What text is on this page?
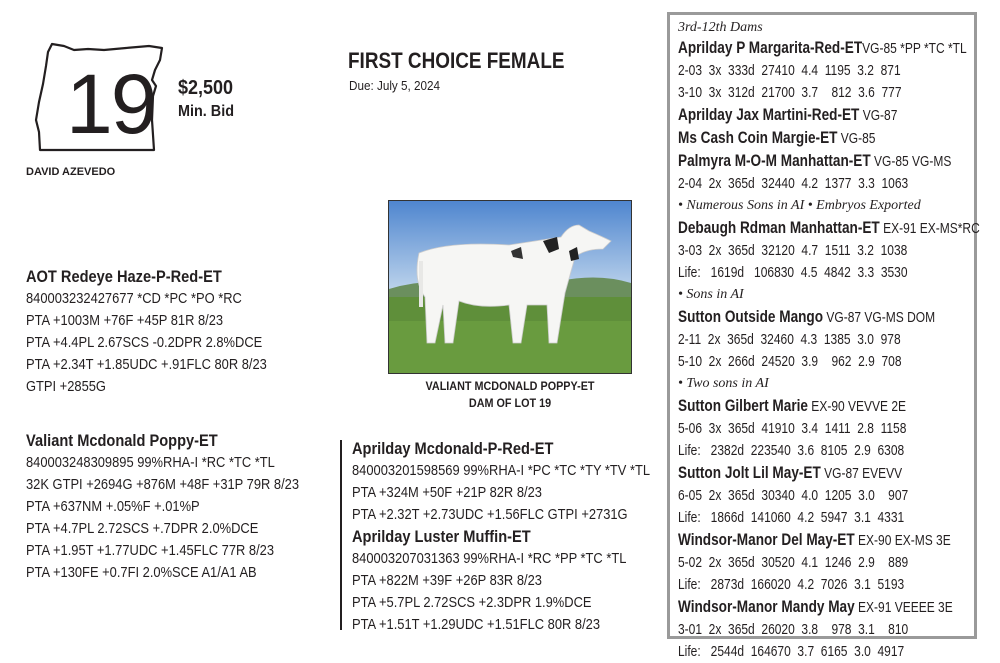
19 $2,500
Min. Bid
DAVID AZEVEDO
FIRST CHOICE FEMALE
Due: July 5, 2024
VALIANT MCDONALD POPPY-ET
DAM OF LOT 19
AOT Redeye Haze-P-Red-ET
840003232427677 *CD *PC *PO *RC
PTA +1003M +76F +45P 81R 8/23
PTA +4.4PL 2.67SCS -0.2DPR 2.8%DCE
PTA +2.34T +1.85UDC +.91FLC 80R 8/23
GTPI +2855G
Valiant Mcdonald Poppy-ET
840003248309895 99%RHA-I *RC *TC *TL
32K GTPI +2694G +876M +48F +31P 79R 8/23
PTA +637NM +.05%F +.01%P
PTA +4.7PL 2.72SCS +.7DPR 2.0%DCE
PTA +1.95T +1.77UDC +1.45FLC 77R 8/23
PTA +130FE +0.7FI 2.0%SCE A1/A1 AB
Aprilday Mcdonald-P-Red-ET
840003201598569 99%RHA-I *PC *TC *TY *TV *TL
PTA +324M +50F +21P 82R 8/23
PTA +2.32T +2.73UDC +1.56FLC GTPI +2731G
Aprilday Luster Muffin-ET
840003207031363 99%RHA-I *RC *PP *TC *TL
PTA +822M +39F +26P 83R 8/23
PTA +5.7PL 2.72SCS +2.3DPR 1.9%DCE
PTA +1.51T +1.29UDC +1.51FLC 80R 8/23
3rd-12th Dams
Aprilday P Margarita-Red-ETVG-85 *PP *TC *TL
2-03  3x  333d  27410  4.4  1195  3.2  871
3-10  3x  312d  21700  3.7    812  3.6  777
Aprilday Jax Martini-Red-ET VG-87
Ms Cash Coin Margie-ET VG-85
Palmyra M-O-M Manhattan-ET VG-85 VG-MS
2-04  2x  365d  32440  4.2  1377  3.3  1063
• Numerous Sons in AI • Embryos Exported
Debaugh Rdman Manhattan-ET EX-91 EX-MS*RC
3-03  2x  365d  32120  4.7  1511  3.2  1038
Life:   1619d   106830  4.5  4842  3.3  3530
• Sons in AI
Sutton Outside Mango VG-87 VG-MS DOM
2-11  2x  365d  32460  4.3  1385  3.0  978
5-10  2x  266d  24520  3.9    962  2.9  708
• Two sons in AI
Sutton Gilbert Marie EX-90 VEVVE 2E
5-06  3x  365d  41910  3.4  1411  2.8  1158
Life:   2382d  223540  3.6  8105  2.9  6308
Sutton Jolt Lil May-ET VG-87 EVEVV
6-05  2x  365d  30340  4.0  1205  3.0    907
Life:   1866d  141060  4.2  5947  3.1  4331
Windsor-Manor Del May-ET EX-90 EX-MS 3E
5-02  2x  365d  30520  4.1  1246  2.9    889
Life:   2873d  166020  4.2  7026  3.1  5193
Windsor-Manor Mandy May EX-91 VEEEE 3E
3-01  2x  365d  26020  3.8    978  3.1    810
Life:   2544d  164670  3.7  6165  3.0  4917
